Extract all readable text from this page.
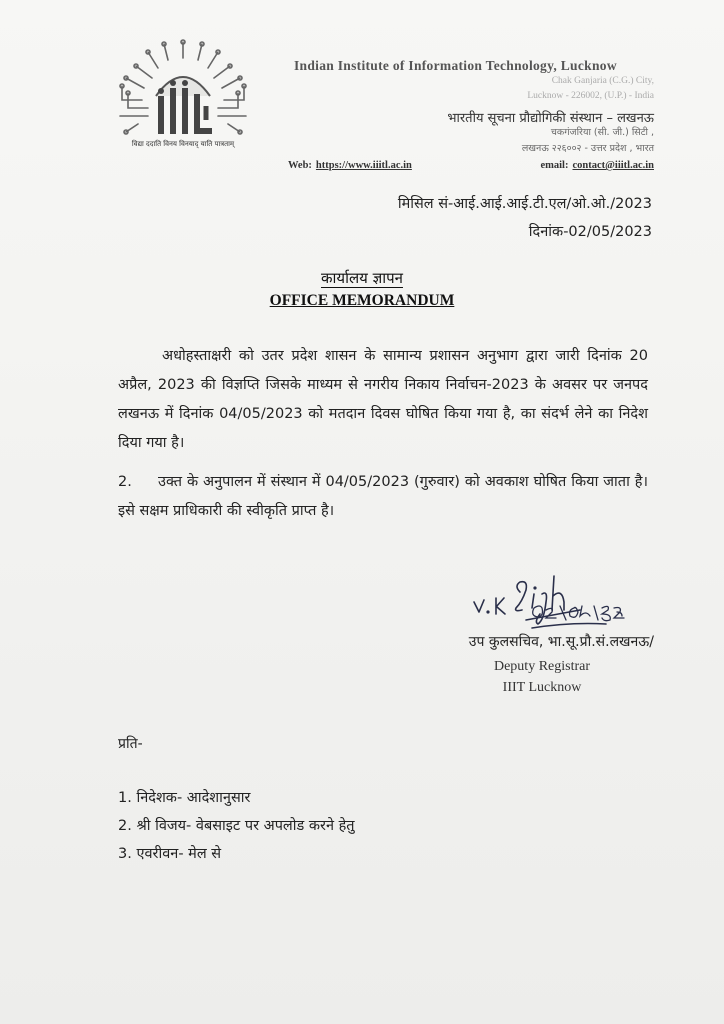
विद्या ददाति विनय विनयाद् याति पात्रताम्
Indian Institute of Information Technology, Lucknow
Chak Ganjaria (C.G.) City,
Lucknow - 226002, (U.P.) - India
भारतीय सूचना प्रौद्योगिकी संस्थान – लखनऊ
चकगंजरिया (सी. जी.) सिटी ,
लखनऊ २२६००२ - उत्तर प्रदेश , भारत
Web: https://www.iiitl.ac.in	email: contact@iiitl.ac.in
मिसिल सं-आई.आई.आई.टी.एल/ओ.ओ./2023
दिनांक-02/05/2023
कार्यालय ज्ञापन
OFFICE MEMORANDUM
अधोहस्ताक्षरी को उतर प्रदेश शासन के सामान्य प्रशासन अनुभाग द्वारा जारी दिनांक 20 अप्रैल, 2023 की विज्ञप्ति जिसके माध्यम से नगरीय निकाय निर्वाचन-2023 के अवसर पर जनपद लखनऊ में दिनांक 04/05/2023 को मतदान दिवस घोषित किया गया है, का संदर्भ लेने का निदेश दिया गया है।
2. उक्त के अनुपालन में संस्थान में 04/05/2023 (गुरुवार) को अवकाश घोषित किया जाता है। इसे सक्षम प्राधिकारी की स्वीकृति प्राप्त है।
उप कुलसचिव, भा.सू.प्रौ.सं.लखनऊ/
Deputy Registrar
IIIT Lucknow
प्रति-
1. निदेशक- आदेशानुसार
2. श्री विजय- वेबसाइट पर अपलोड करने हेतु
3. एवरीवन- मेल से
